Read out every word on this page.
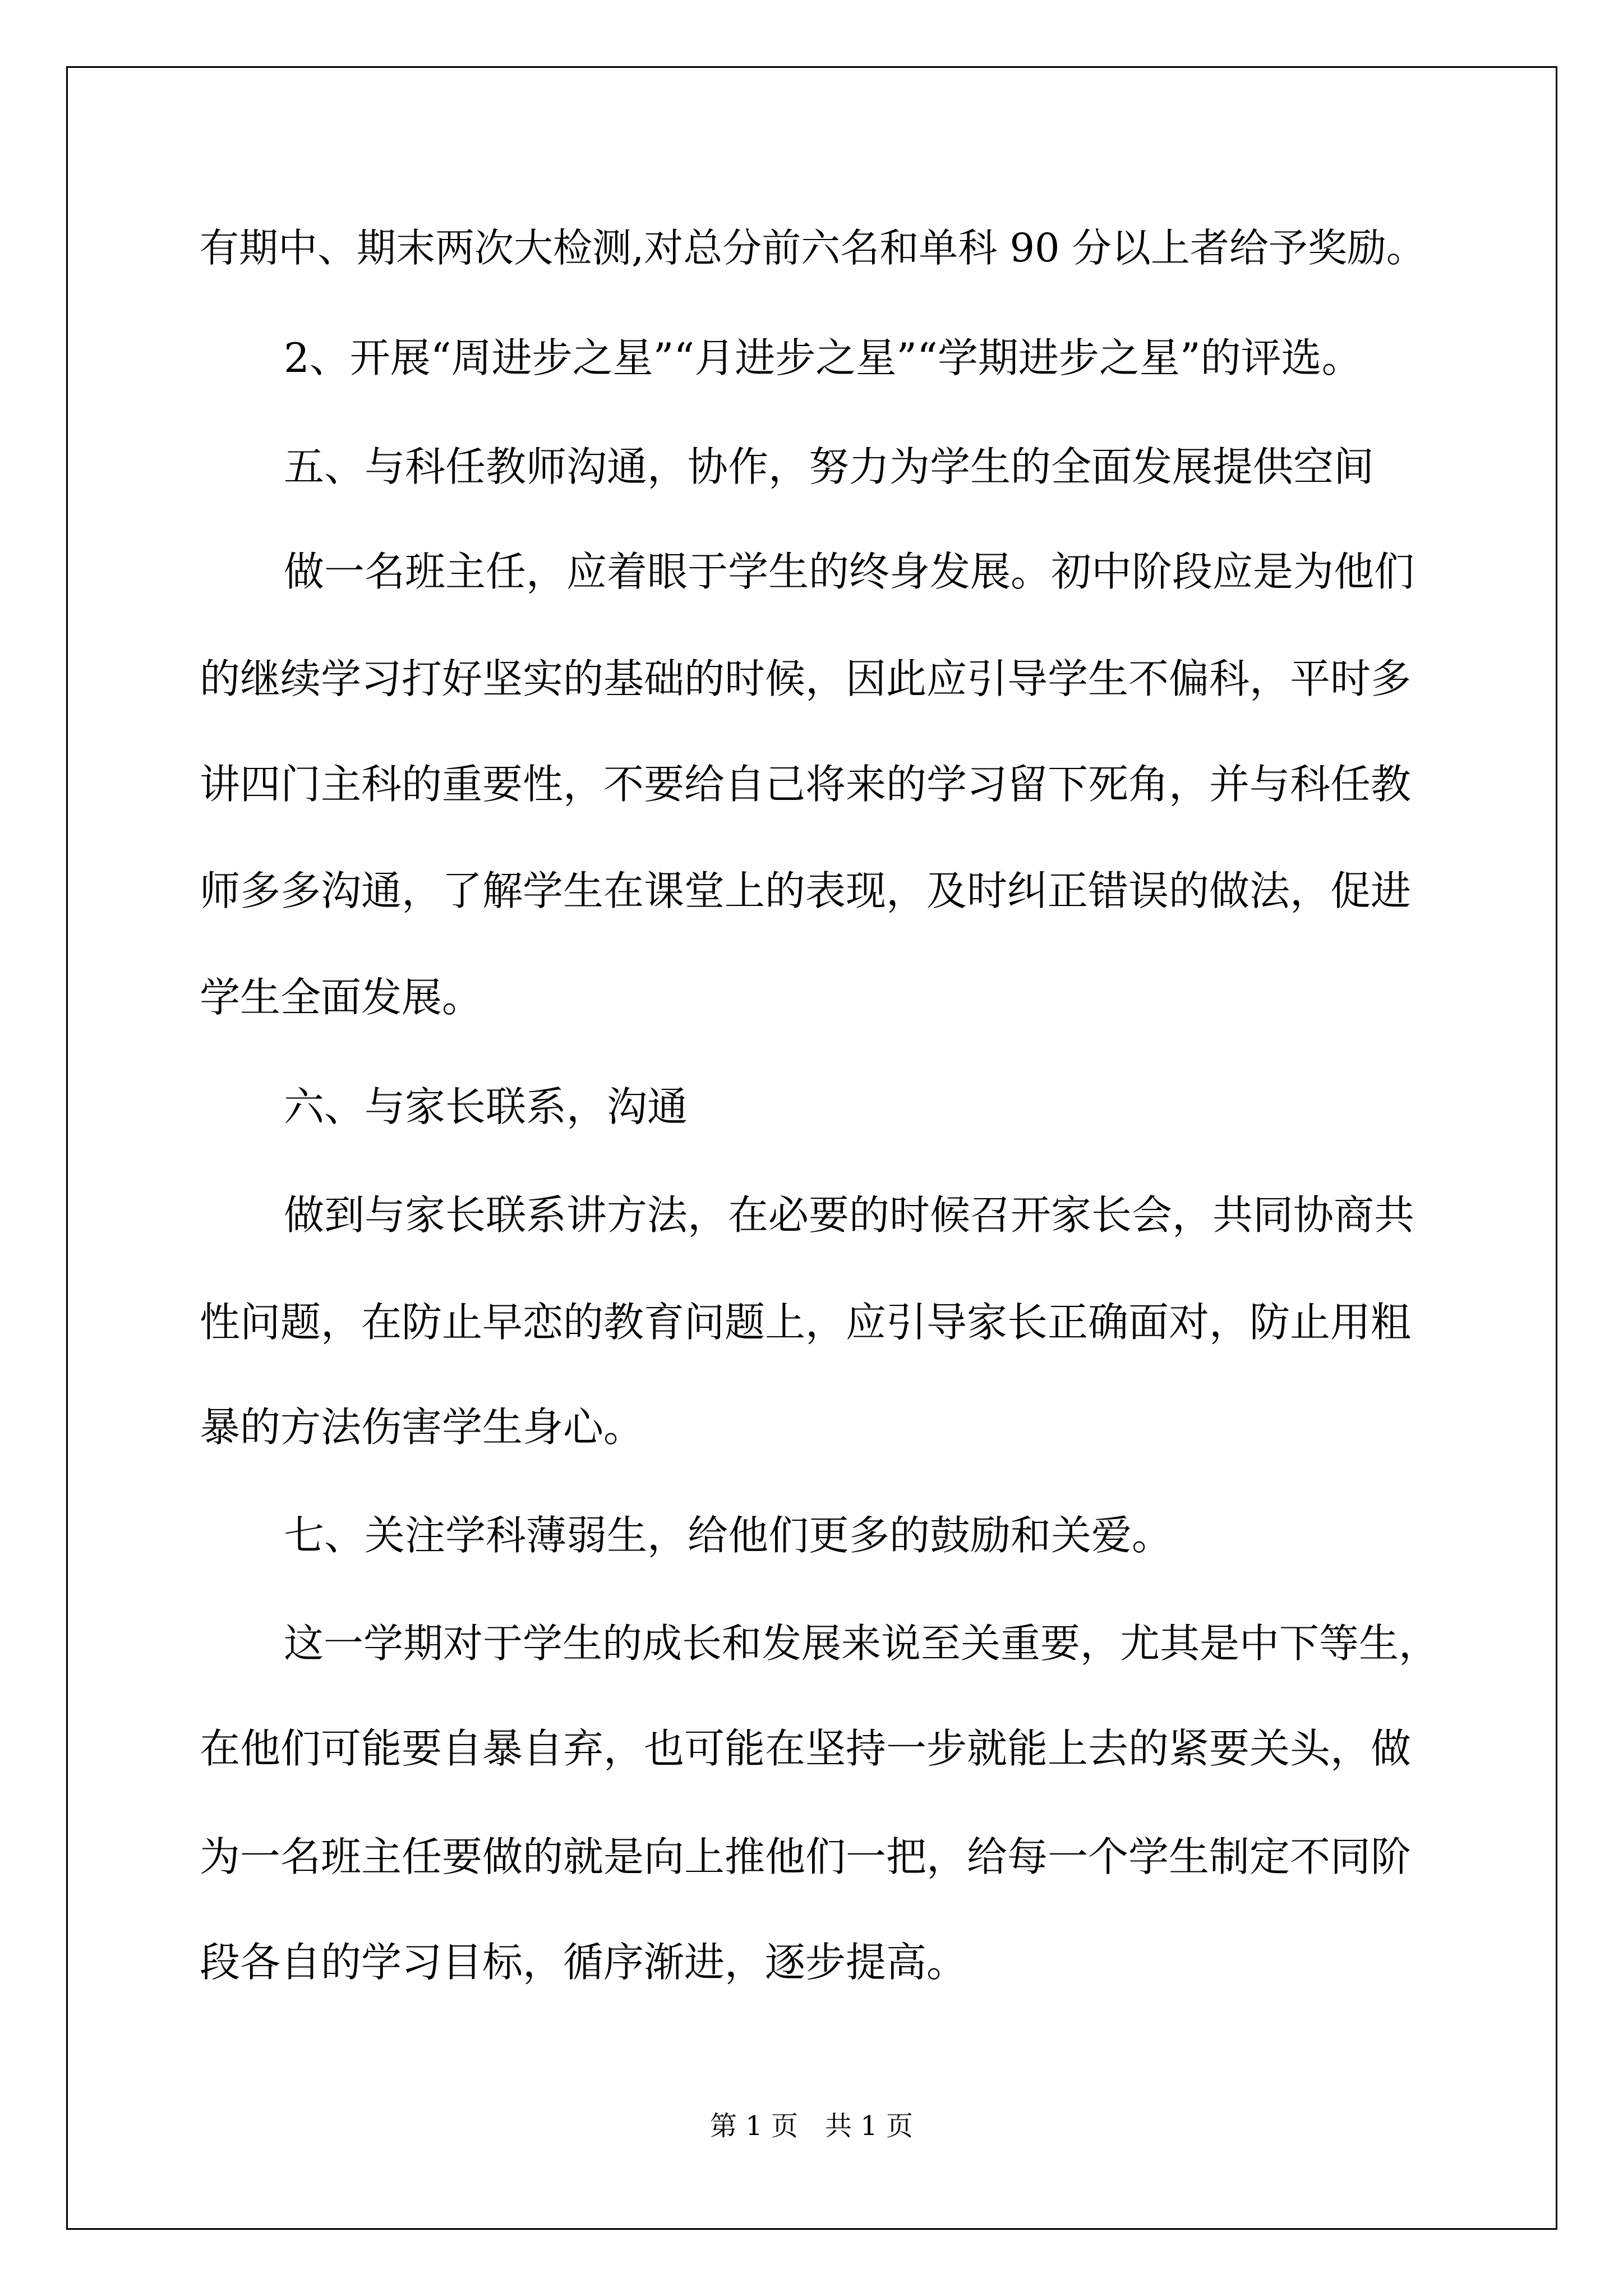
有期中、期末两次大检测,对总分前六名和单科 90 分以上者给予奖励。
2、开展“周进步之星”“月进步之星”“学期进步之星”的评选。
五、与科任教师沟通，协作，努力为学生的全面发展提供空间
做一名班主任，应着眼于学生的终身发展。初中阶段应是为他们
的继续学习打好坚实的基础的时候，因此应引导学生不偏科，平时多
讲四门主科的重要性，不要给自己将来的学习留下死角，并与科任教
师多多沟通，了解学生在课堂上的表现，及时纠正错误的做法，促进
学生全面发展。
六、与家长联系，沟通
做到与家长联系讲方法，在必要的时候召开家长会，共同协商共
性问题，在防止早恋的教育问题上，应引导家长正确面对，防止用粗
暴的方法伤害学生身心。
七、关注学科薄弱生，给他们更多的鼓励和关爱。
这一学期对于学生的成长和发展来说至关重要，尤其是中下等生，
在他们可能要自暴自弃，也可能在坚持一步就能上去的紧要关头，做
为一名班主任要做的就是向上推他们一把，给每一个学生制定不同阶
段各自的学习目标，循序渐进，逐步提高。
第 1 页　共 1 页
